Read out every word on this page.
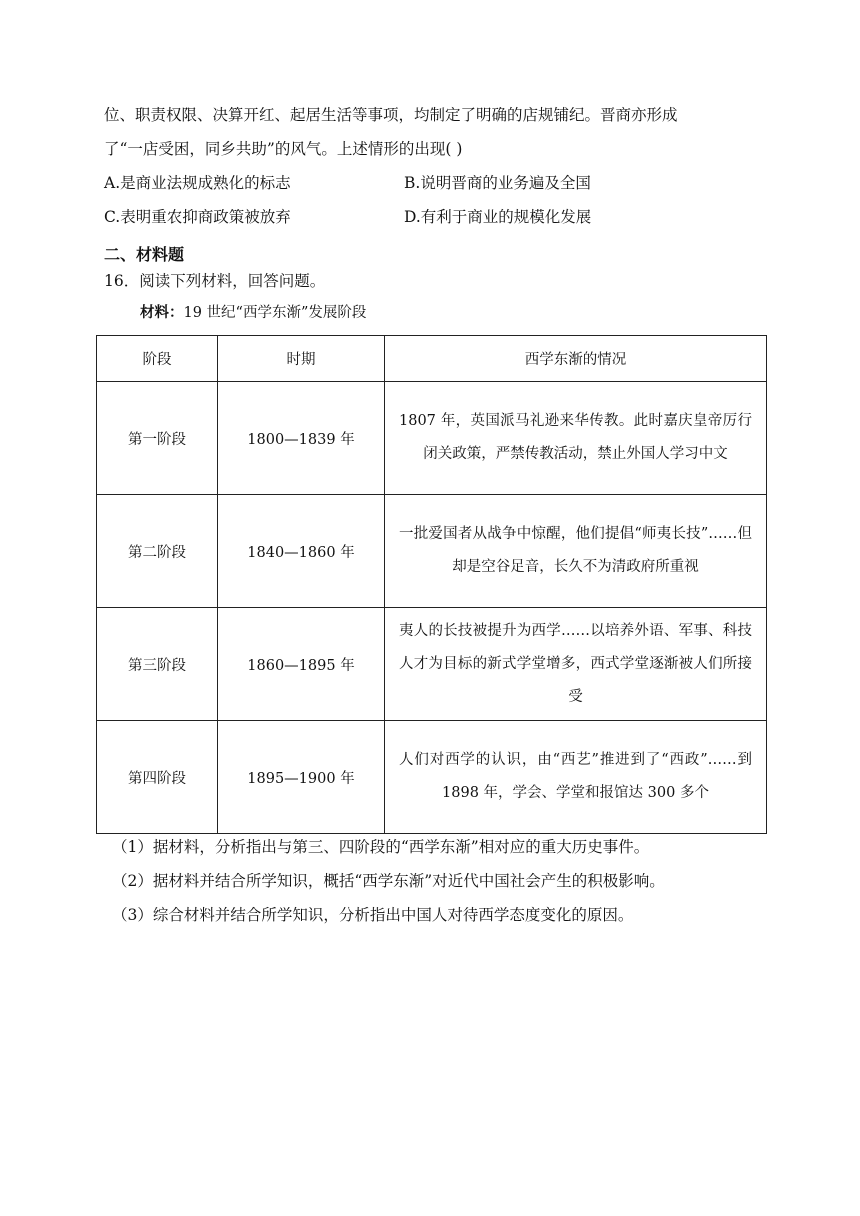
位、职责权限、决算开红、起居生活等事项，均制定了明确的店规铺纪。晋商亦形成
了“一店受困，同乡共助”的风气。上述情形的出现( )
A.是商业法规成熟化的标志	B.说明晋商的业务遍及全国
C.表明重农抑商政策被放弃	D.有利于商业的规模化发展
二、材料题
16．阅读下列材料，回答问题。
材料：19 世纪“西学东渐”发展阶段
阶段	时期	西学东渐的情况
第一阶段	1800—1839 年	1807 年，英国派马礼逊来华传教。此时嘉庆皇帝厉行闭关政策，严禁传教活动，禁止外国人学习中文
第二阶段	1840—1860 年	一批爱国者从战争中惊醒，他们提倡“师夷长技”……但却是空谷足音，长久不为清政府所重视
第三阶段	1860—1895 年	夷人的长技被提升为西学……以培养外语、军事、科技人才为目标的新式学堂增多，西式学堂逐渐被人们所接受
第四阶段	1895—1900 年	人们对西学的认识，由“西艺”推进到了“西政”……到 1898 年，学会、学堂和报馆达 300 多个
（1）据材料，分析指出与第三、四阶段的“西学东渐”相对应的重大历史事件。
（2）据材料并结合所学知识，概括“西学东渐”对近代中国社会产生的积极影响。
（3）综合材料并结合所学知识，分析指出中国人对待西学态度变化的原因。
